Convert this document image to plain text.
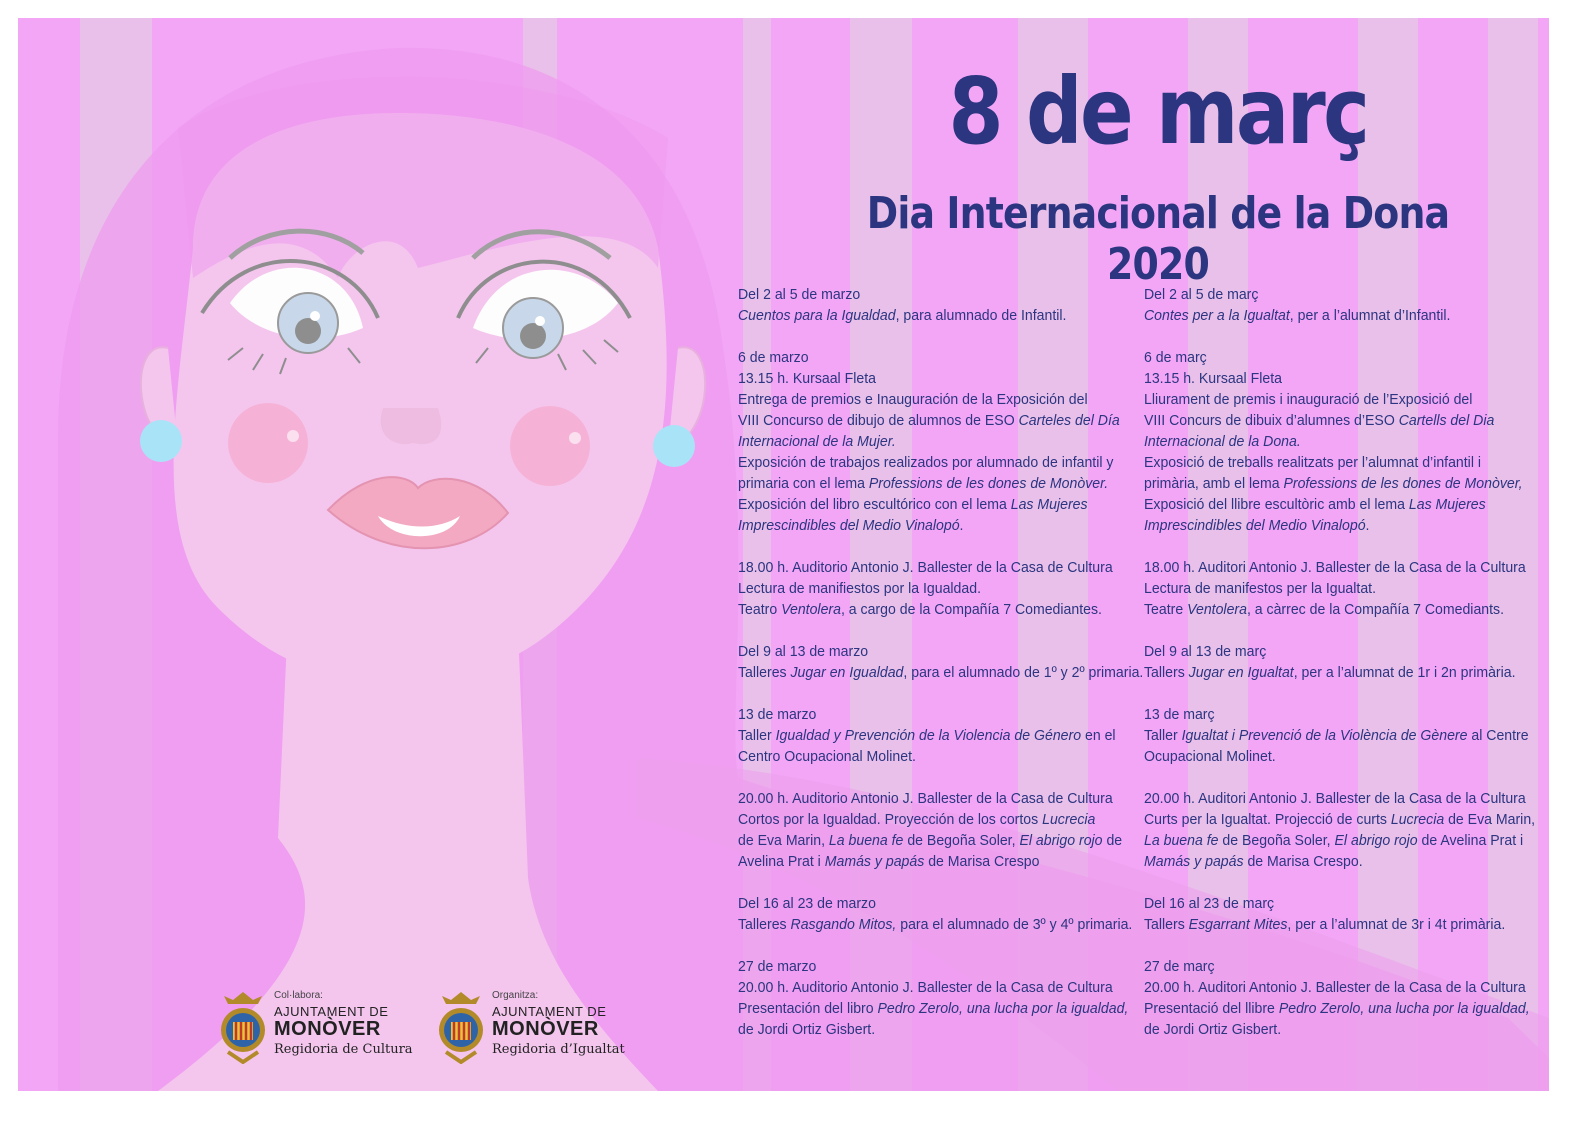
8 de març
Dia Internacional de la Dona 2020
Del 2 al 5 de marzo
Cuentos para la Igualdad, para alumnado de Infantil.
6 de marzo
13.15 h. Kursaal Fleta
Entrega de premios e Inauguración de la Exposición del
VIII Concurso de dibujo de alumnos de ESO Carteles del Día
Internacional de la Mujer.
Exposición de trabajos realizados por alumnado de infantil y
primaria con el lema Professions de les dones de Monòver.
Exposición del libro escultórico con el lema Las Mujeres
Imprescindibles del Medio Vinalopó.
18.00 h. Auditorio Antonio J. Ballester de la Casa de Cultura
Lectura de manifiestos por la Igualdad.
Teatro Ventolera, a cargo de la Compañía 7 Comediantes.
Del 9 al 13 de marzo
Talleres Jugar en Igualdad, para el alumnado de 1º y 2º primaria.
13 de marzo
Taller Igualdad y Prevención de la Violencia de Género en el
Centro Ocupacional Molinet.
20.00 h. Auditorio Antonio J. Ballester de la Casa de Cultura
Cortos por la Igualdad. Proyección de los cortos Lucrecia
de Eva Marin, La buena fe de Begoña Soler, El abrigo rojo de
Avelina Prat i Mamás y papás de Marisa Crespo
Del 16 al 23 de marzo
Talleres Rasgando Mitos, para el alumnado de 3º y 4º primaria.
27 de marzo
20.00 h. Auditorio Antonio J. Ballester de la Casa de Cultura
Presentación del libro Pedro Zerolo, una lucha por la igualdad,
de Jordi Ortiz Gisbert.
Del 2 al 5 de març
Contes per a la Igualtat, per a l’alumnat d’Infantil.
6 de març
13.15 h. Kursaal Fleta
Lliurament de premis i inauguració de l’Exposició del
VIII Concurs de dibuix d’alumnes d’ESO Cartells del Dia
Internacional de la Dona.
Exposició de treballs realitzats per l’alumnat d’infantil i
primària, amb el lema Professions de les dones de Monòver,
Exposició del llibre escultòric amb el lema Las Mujeres
Imprescindibles del Medio Vinalopó.
18.00 h. Auditori Antonio J. Ballester de la Casa de la Cultura
Lectura de manifestos per la Igualtat.
Teatre Ventolera, a càrrec de la Compañía 7 Comediants.
Del 9 al 13 de març
Tallers Jugar en Igualtat, per a l’alumnat de 1r i 2n primària.
13 de març
Taller Igualtat i Prevenció de la Violència de Gènere al Centre
Ocupacional Molinet.
20.00 h. Auditori Antonio J. Ballester de la Casa de la Cultura
Curts per la Igualtat. Projecció de curts Lucrecia de Eva Marin,
La buena fe de Begoña Soler, El abrigo rojo de Avelina Prat i
Mamás y papás de Marisa Crespo.
Del 16 al 23 de març
Tallers Esgarrant Mites, per a l’alumnat de 3r i 4t primària.
27 de març
20.00 h. Auditori Antonio J. Ballester de la Casa de la Cultura
Presentació del llibre Pedro Zerolo, una lucha por la igualdad,
de Jordi Ortiz Gisbert.
Col·labora:
AJUNTAMENT DE
MONÒVER
Regidoria de Cultura
Organitza:
AJUNTAMENT DE
MONÒVER
Regidoria d’Igualtat
